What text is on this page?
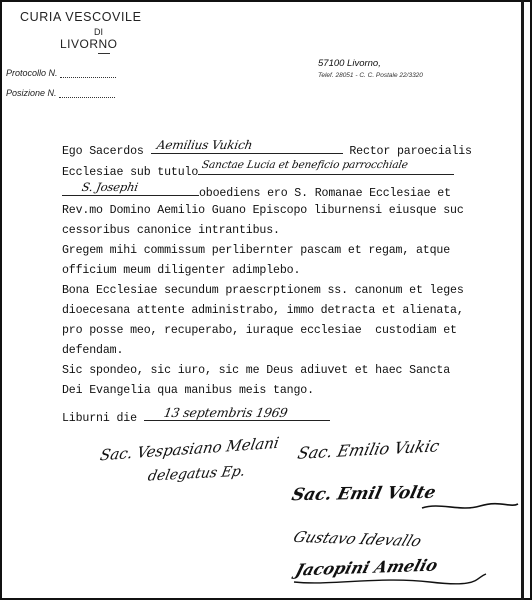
CURIA VESCOVILE
DI
LIVORNO
Protocollo N.
Posizione N.
57100 Livorno,
Telef. 28051 - C. C. Postale 22/3320
Ego Sacerdos Aemilius Vukich	Rector paroecialis
Ecclesiae sub tutulo
Sanctae Lucia et beneficio parrocchiale
S. Josephi	oboediens ero S. Romanae Ecclesiae et
Rev.mo Domino Aemilio Guano Episcopo liburnensi eiusque suc
cessoribus canonice intrantibus.
Gregem mihi commissum perlibernter pascam et regam, atque
officium meum diligenter adimplebo.
Bona Ecclesiae secundum praescrptionem ss. canonum et leges
dioecesana attente administrabo, immo detracta et alienata,
pro posse meo, recuperabo, iuraque ecclesiae  custodiam et
defendam.
Sic spondeo, sic iuro, sic me Deus adiuvet et haec Sancta
Dei Evangelia qua manibus meis tango.
Liburni die 13 septembris 1969
Sac. Vespasiano Melani
delegatus Ep.
Sac. Emilio Vukic
Sac. Emil Volte
Gustavo Idevallo
Jacopini Amelio
